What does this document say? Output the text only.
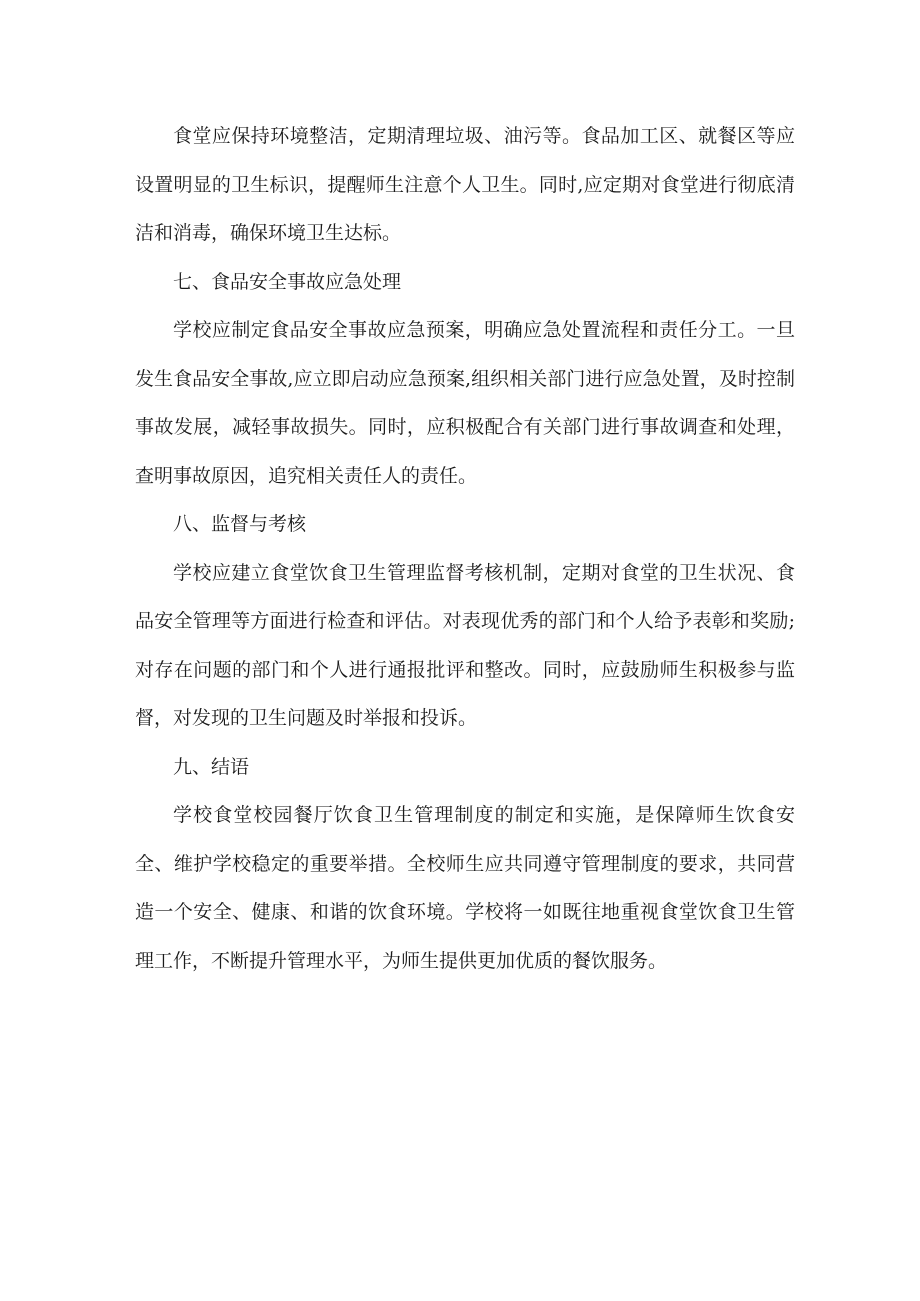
食堂应保持环境整洁，定期清理垃圾、油污等。食品加工区、就餐区等应设置明显的卫生标识，提醒师生注意个人卫生。同时,应定期对食堂进行彻底清洁和消毒，确保环境卫生达标。

七、食品安全事故应急处理

学校应制定食品安全事故应急预案，明确应急处置流程和责任分工。一旦发生食品安全事故,应立即启动应急预案,组织相关部门进行应急处置，及时控制事故发展，减轻事故损失。同时，应积极配合有关部门进行事故调查和处理，查明事故原因，追究相关责任人的责任。

八、监督与考核

学校应建立食堂饮食卫生管理监督考核机制，定期对食堂的卫生状况、食品安全管理等方面进行检查和评估。对表现优秀的部门和个人给予表彰和奖励;对存在问题的部门和个人进行通报批评和整改。同时，应鼓励师生积极参与监督，对发现的卫生问题及时举报和投诉。

九、结语

学校食堂校园餐厅饮食卫生管理制度的制定和实施，是保障师生饮食安全、维护学校稳定的重要举措。全校师生应共同遵守管理制度的要求，共同营造一个安全、健康、和谐的饮食环境。学校将一如既往地重视食堂饮食卫生管理工作，不断提升管理水平，为师生提供更加优质的餐饮服务。
